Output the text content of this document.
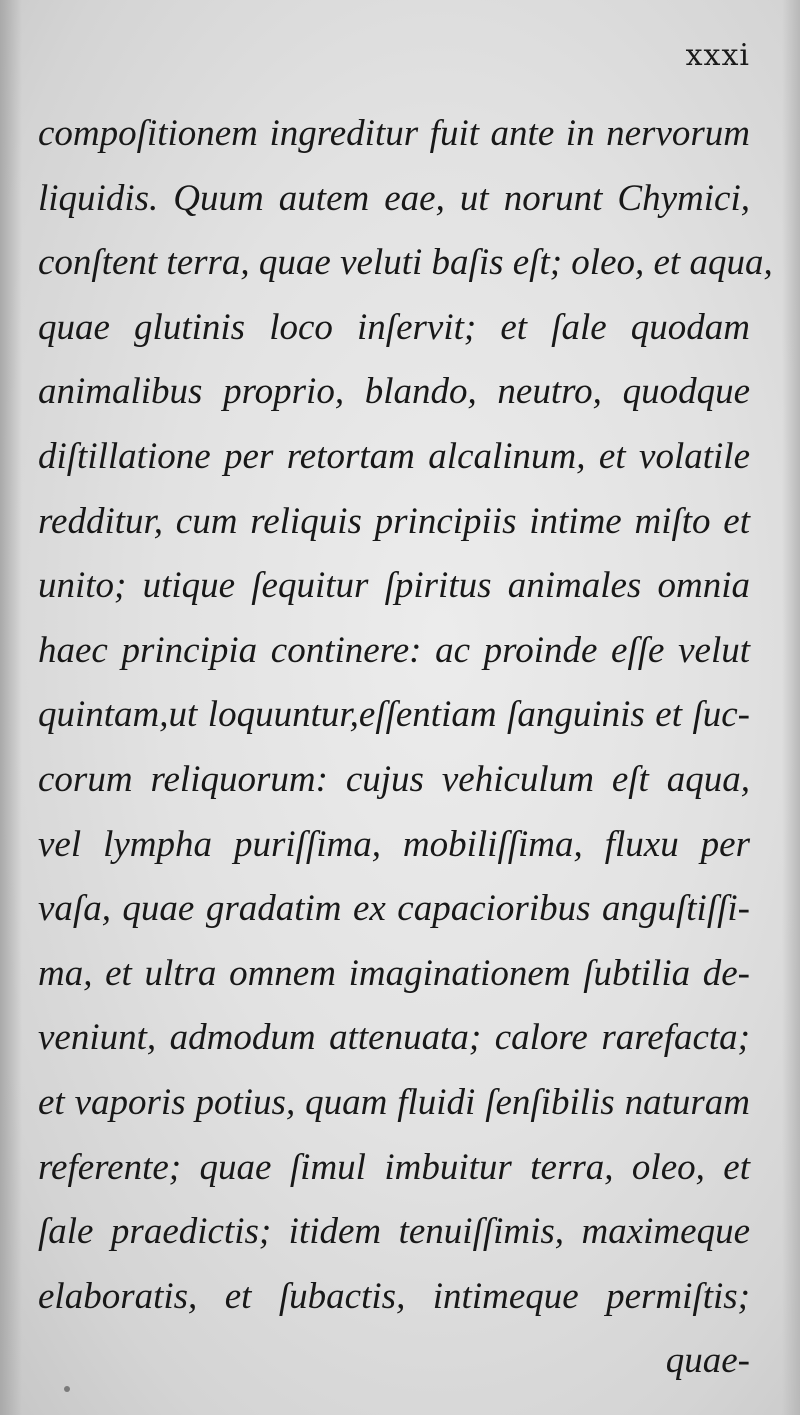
xxxi
compoſitionem ingreditur fuit ante in nervorum
liquidis. Quum autem eae, ut norunt Chymici,
conſtent terra, quae veluti baſis eſt; oleo, et aqua,
quae glutinis loco inſervit; et ſale quodam
animalibus proprio, blando, neutro, quodque
diſtillatione per retortam alcalinum, et volatile
redditur, cum reliquis principiis intime miſto et
unito; utique ſequitur ſpiritus animales omnia
haec principia continere: ac proinde eſſe velut
quintam,ut loquuntur,eſſentiam ſanguinis et ſuc-
corum reliquorum: cujus vehiculum eſt aqua,
vel lympha puriſſima, mobiliſſima, fluxu per
vaſa, quae gradatim ex capacioribus anguſtiſſi-
ma, et ultra omnem imaginationem ſubtilia de-
veniunt, admodum attenuata; calore rarefacta;
et vaporis potius, quam fluidi ſenſibilis naturam
referente; quae ſimul imbuitur terra, oleo, et
ſale praedictis; itidem tenuiſſimis, maximeque
elaboratis, et ſubactis, intimeque permiſtis;
quae-
